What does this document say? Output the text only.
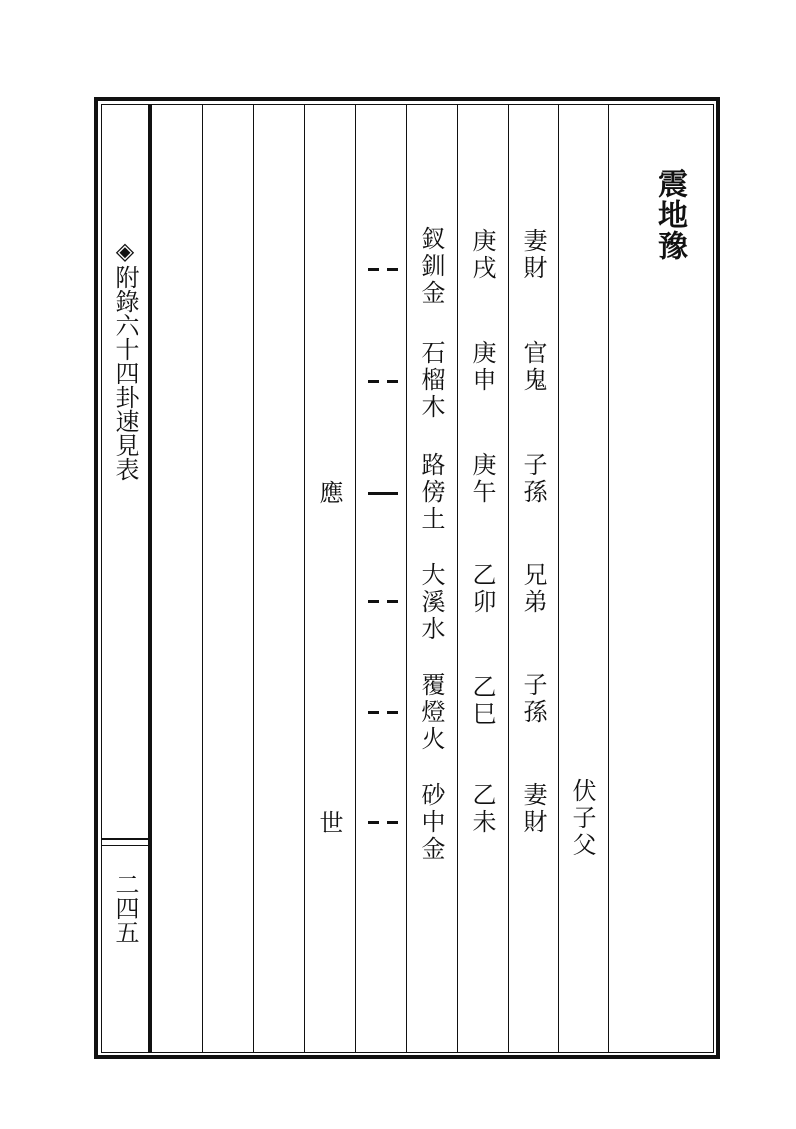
◈附錄六十四卦速見表
二四五
震地豫
伏子父
妻財
庚戌
釵釧金
官鬼
庚申
石榴木
子孫
庚午
路傍土
應
兄弟
乙卯
大溪水
子孫
乙巳
覆燈火
妻財
乙未
砂中金
世
